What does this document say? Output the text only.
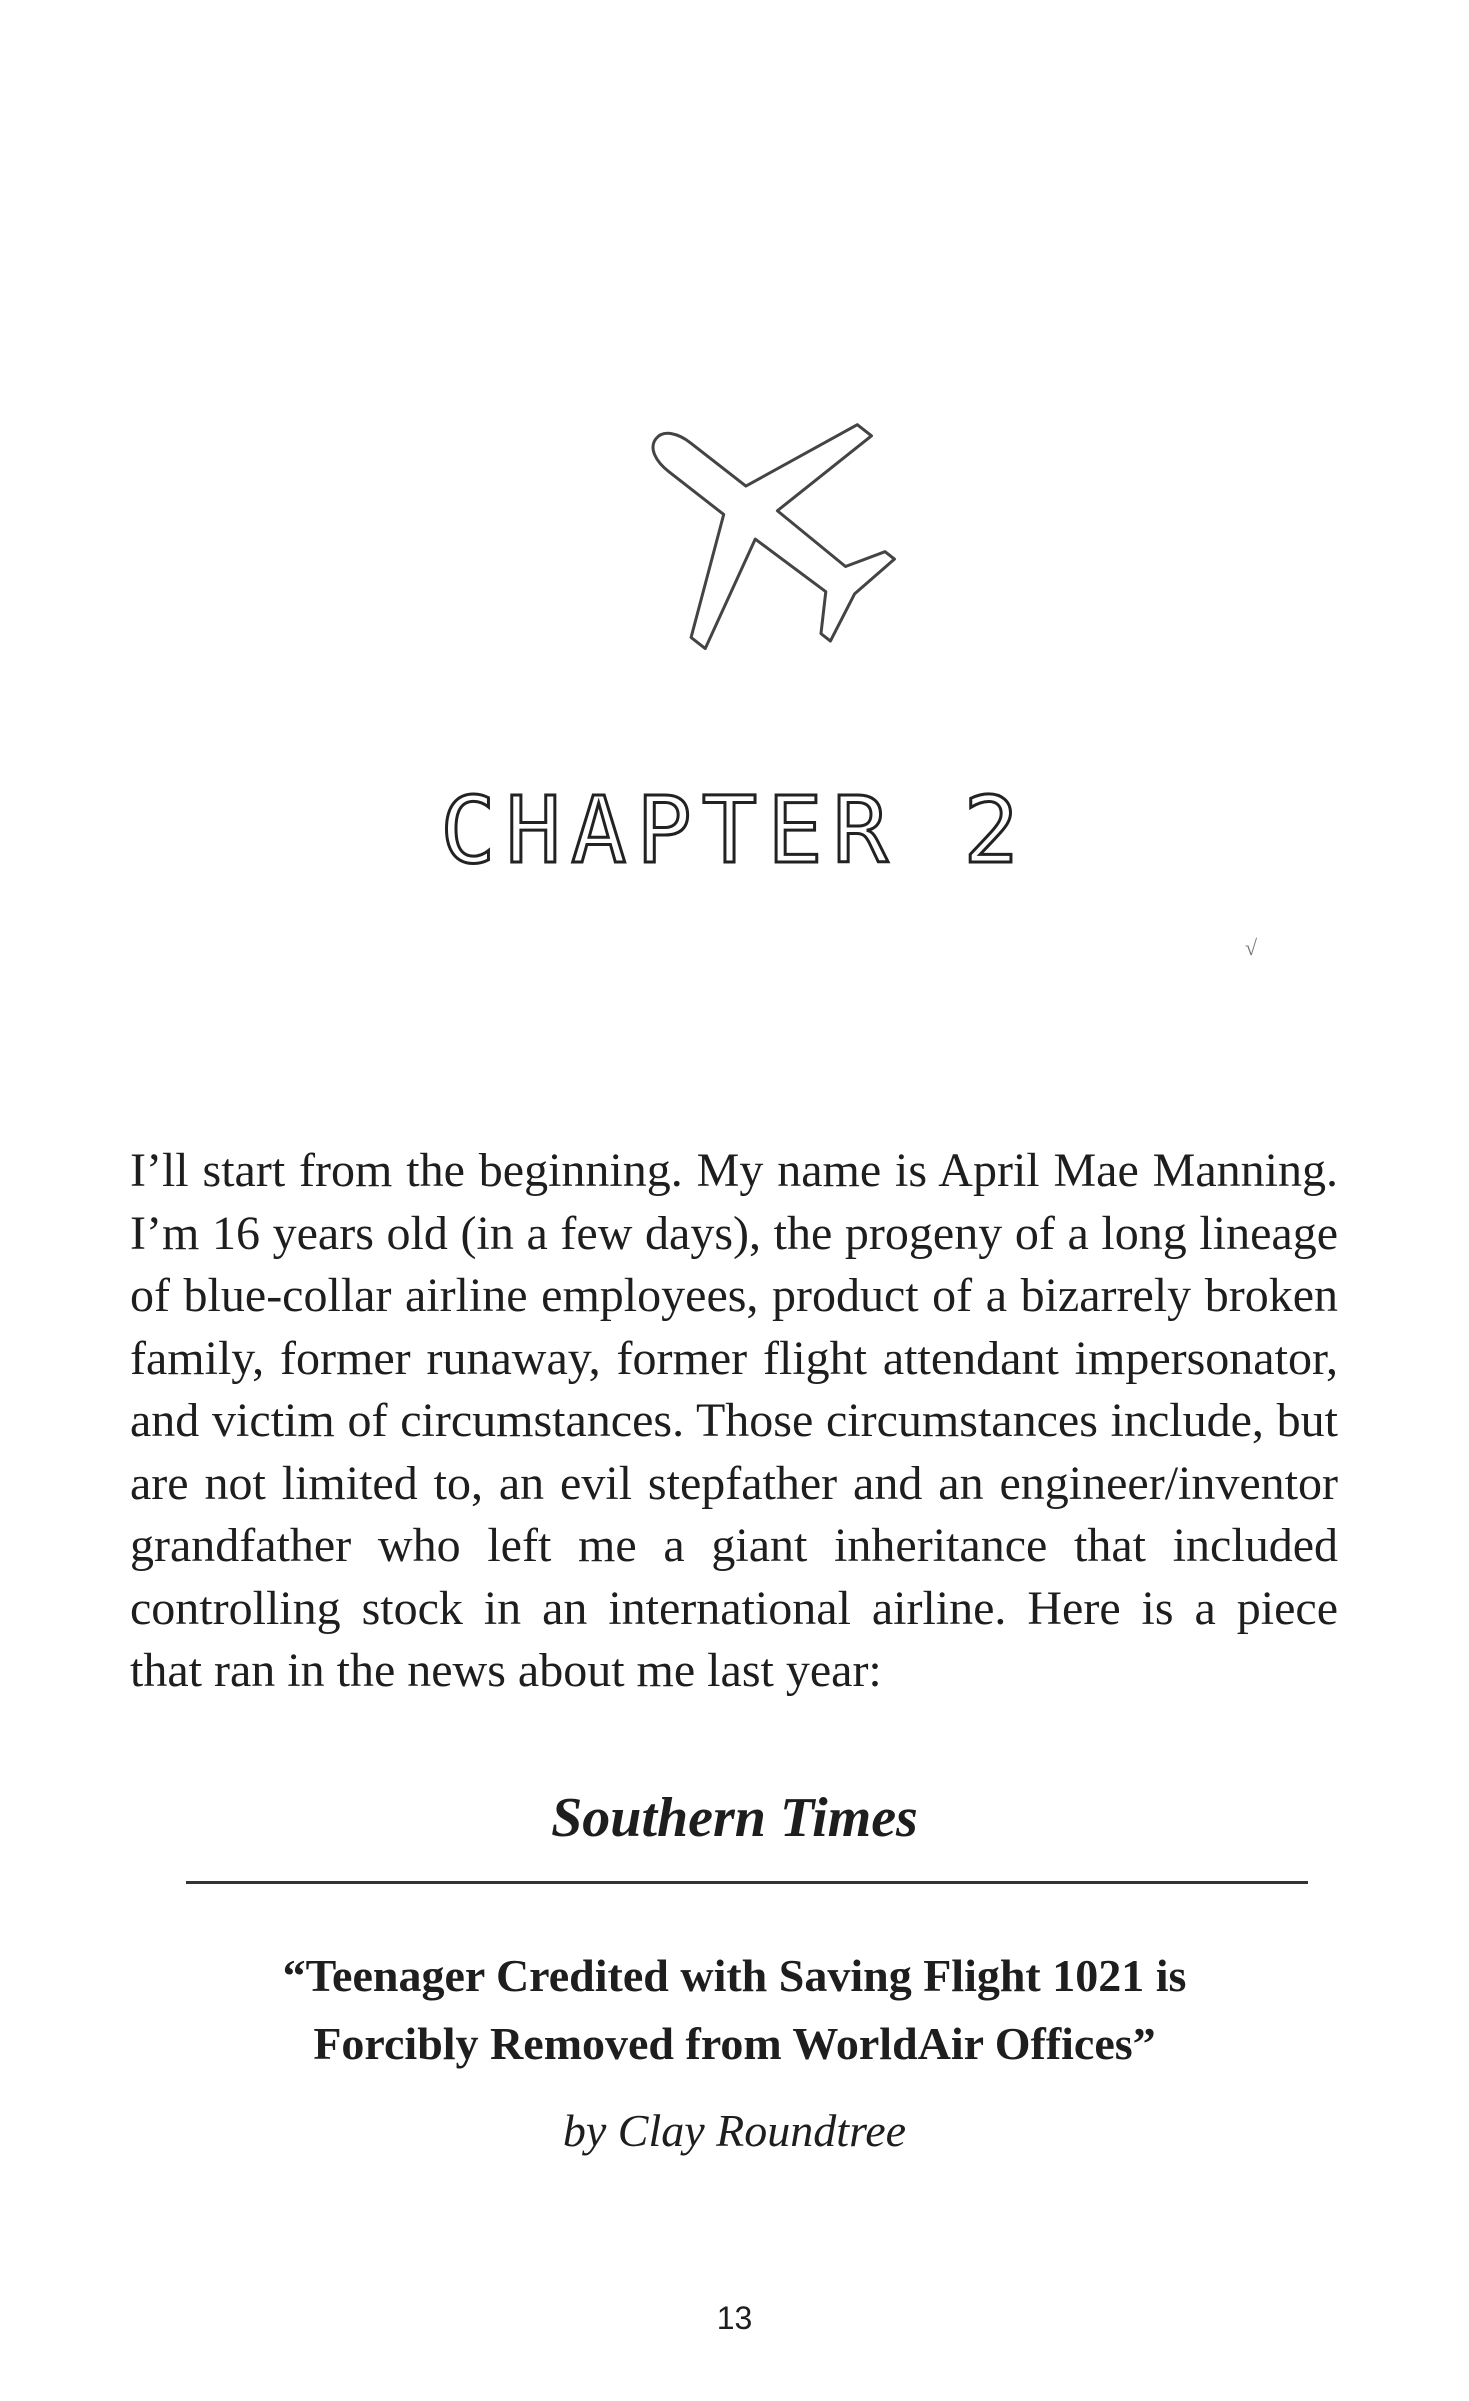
CHAPTER 2
√
I’ll start from the beginning. My name is April Mae Manning. I’m 16 years old (in a few days), the progeny of a long lineage of blue-collar airline employees, product of a bizarrely broken family, former runaway, former flight attendant impersonator, and victim of circumstances. Those circumstances include, but are not limited to, an evil stepfather and an engineer/inventor grandfather who left me a giant inheritance that included controlling stock in an international airline. Here is a piece that ran in the news about me last year:
Southern Times
“Teenager Credited with Saving Flight 1021 is
Forcibly Removed from WorldAir Offices”
by Clay Roundtree
13
